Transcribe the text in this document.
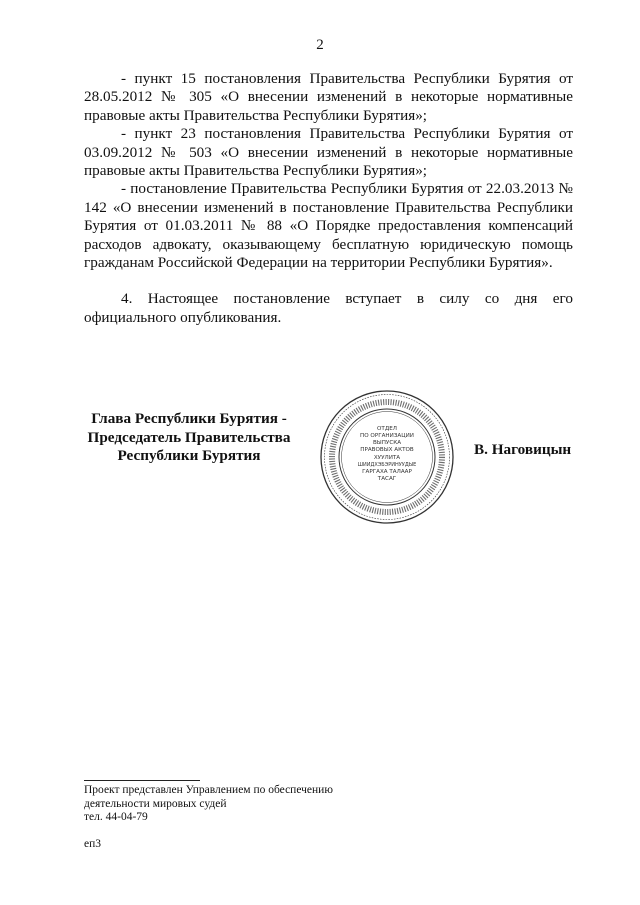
2

- пункт 15 постановления Правительства Республики Бурятия от 28.05.2012 № 305 «О внесении изменений в некоторые нормативные правовые акты Правительства Республики Бурятия»;

- пункт 23 постановления Правительства Республики Бурятия от 03.09.2012 № 503 «О внесении изменений в некоторые нормативные правовые акты Правительства Республики Бурятия»;

- постановление Правительства Республики Бурятия от 22.03.2013 № 142 «О внесении изменений в постановление Правительства Республики Бурятия от 01.03.2011 № 88 «О Порядке предоставления компенсаций расходов адвокату, оказывающему бесплатную юридическую помощь гражданам Российской Федерации на территории Республики Бурятия».

4. Настоящее постановление вступает в силу со дня его официального опубликования.

Глава Республики Бурятия -
Председатель Правительства
Республики Бурятия
ОТДЕЛ
ПО ОРГАНИЗАЦИИ
ВЫПУСКА
ПРАВОВЫХ АКТОВ
ХУУЛИТА
ШИИДХЭБЭРИНУУДЫЕ
ГАРГАХА ТАЛААР
ТАСАГ
В. Наговицын
Проект представлен Управлением по обеспечению
деятельности мировых судей
тел. 44-04-79
еп3
